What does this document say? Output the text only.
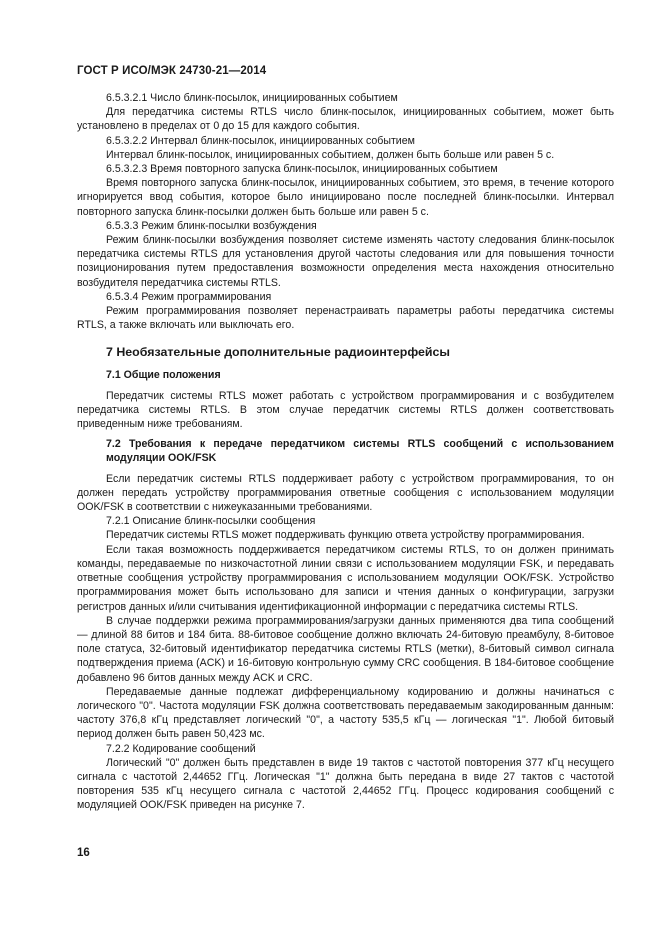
ГОСТ Р ИСО/МЭК 24730-21—2014

6.5.3.2.1 Число блинк-посылок, инициированных событием

Для передатчика системы RTLS число блинк-посылок, инициированных событием, может быть установлено в пределах от 0 до 15 для каждого события.

6.5.3.2.2 Интервал блинк-посылок, инициированных событием

Интервал блинк-посылок, инициированных событием, должен быть больше или равен 5 с.

6.5.3.2.3 Время повторного запуска блинк-посылок, инициированных событием

Время повторного запуска блинк-посылок, инициированных событием, это время, в течение которого игнорируется ввод события, которое было инициировано после последней блинк-посылки. Интервал повторного запуска блинк-посылки должен быть больше или равен 5 с.

6.5.3.3 Режим блинк-посылки возбуждения

Режим блинк-посылки возбуждения позволяет системе изменять частоту следования блинк-посылок передатчика системы RTLS для установления другой частоты следования или для повышения точности позиционирования путем предоставления возможности определения места нахождения относительно возбудителя передатчика системы RTLS.

6.5.3.4 Режим программирования

Режим программирования позволяет перенастраивать параметры работы передатчика системы RTLS, а также включать или выключать его.

7 Необязательные дополнительные радиоинтерфейсы
7.1 Общие положения

Передатчик системы RTLS может работать с устройством программирования и с возбудителем передатчика системы RTLS. В этом случае передатчик системы RTLS должен соответствовать приведенным ниже требованиям.

7.2 Требования к передаче передатчиком системы RTLS сообщений с использованием модуляции OOK/FSK

Если передатчик системы RTLS поддерживает работу с устройством программирования, то он должен передать устройству программирования ответные сообщения с использованием модуляции OOK/FSK в соответствии с нижеуказанными требованиями.

7.2.1 Описание блинк-посылки сообщения

Передатчик системы RTLS может поддерживать функцию ответа устройству программирования.

Если такая возможность поддерживается передатчиком системы RTLS, то он должен принимать команды, передаваемые по низкочастотной линии связи с использованием модуляции FSK, и передавать ответные сообщения устройству программирования с использованием модуляции OOK/FSK. Устройство программирования может быть использовано для записи и чтения данных о конфигурации, загрузки регистров данных и/или считывания идентификационной информации с передатчика системы RTLS.

В случае поддержки режима программирования/загрузки данных применяются два типа сообщений — длиной 88 битов и 184 бита. 88-битовое сообщение должно включать 24-битовую преамбулу, 8-битовое поле статуса, 32-битовый идентификатор передатчика системы RTLS (метки), 8-битовый символ сигнала подтверждения приема (ACK) и 16-битовую контрольную сумму CRC сообщения. В 184-битовое сообщение добавлено 96 битов данных между ACK и CRC.

Передаваемые данные подлежат дифференциальному кодированию и должны начинаться с логического "0". Частота модуляции FSK должна соответствовать передаваемым закодированным данным: частоту 376,8 кГц представляет логический "0", а частоту 535,5 кГц — логическая "1". Любой битовый период должен быть равен 50,423 мс.

7.2.2 Кодирование сообщений

Логический "0" должен быть представлен в виде 19 тактов с частотой повторения 377 кГц несущего сигнала с частотой 2,44652 ГГц. Логическая "1" должна быть передана в виде 27 тактов с частотой повторения 535 кГц несущего сигнала с частотой 2,44652 ГГц. Процесс кодирования сообщений с модуляцией OOK/FSK приведен на рисунке 7.

16
